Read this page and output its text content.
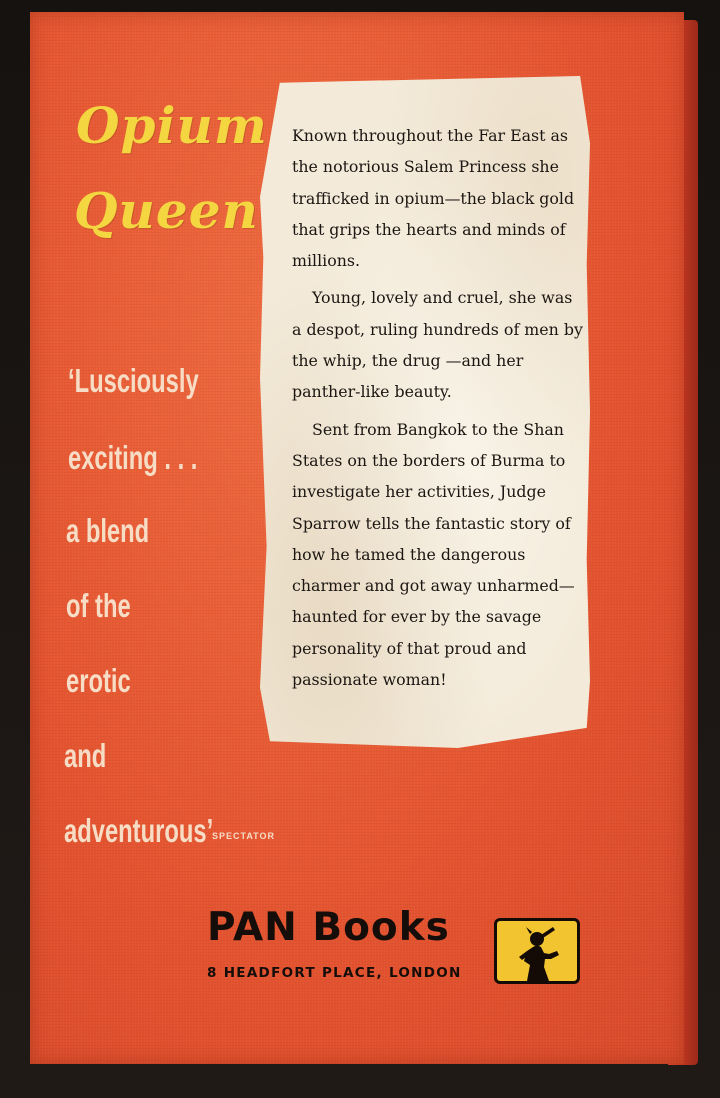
Opium
Queen
‘Lusciously
exciting . . .
a blend
of the
erotic
and
adventurous’
SPECTATOR

Known throughout the Far East as the notorious Salem Princess she trafficked in opium—the black gold that grips the hearts and minds of millions.

Young, lovely and cruel, she was a despot, ruling hundreds of men by the whip, the drug —and her panther-like beauty.

Sent from Bangkok to the Shan States on the borders of Burma to investigate her activities, Judge Sparrow tells the fantastic story of how he tamed the dangerous charmer and got away unharmed—haunted for ever by the savage personality of that proud and passionate woman!

PAN Books
8 HEADFORT PLACE, LONDON
